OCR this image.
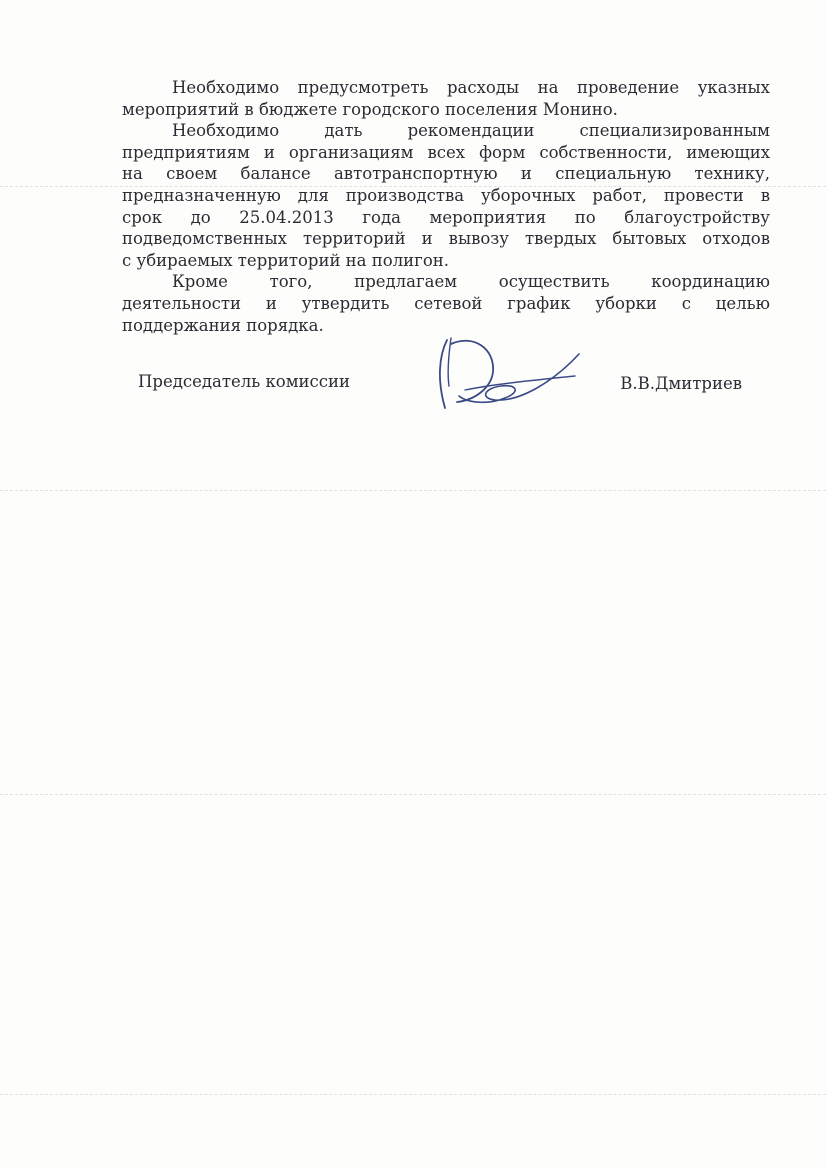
Необходимо предусмотреть расходы на проведение указных
мероприятий в бюджете городского поселения Монино.

Необходимо дать рекомендации специализированным
предприятиям и организациям всех форм собственности, имеющих
на своем балансе автотранспортную и специальную технику,
предназначенную для производства уборочных работ, провести в
срок до 25.04.2013 года мероприятия по благоустройству
подведомственных территорий и вывозу твердых бытовых отходов
с убираемых территорий на полигон.

Кроме того, предлагаем осуществить координацию
деятельности и утвердить сетевой график уборки с целью
поддержания порядка.

Председатель комиссии	В.В.Дмитриев
